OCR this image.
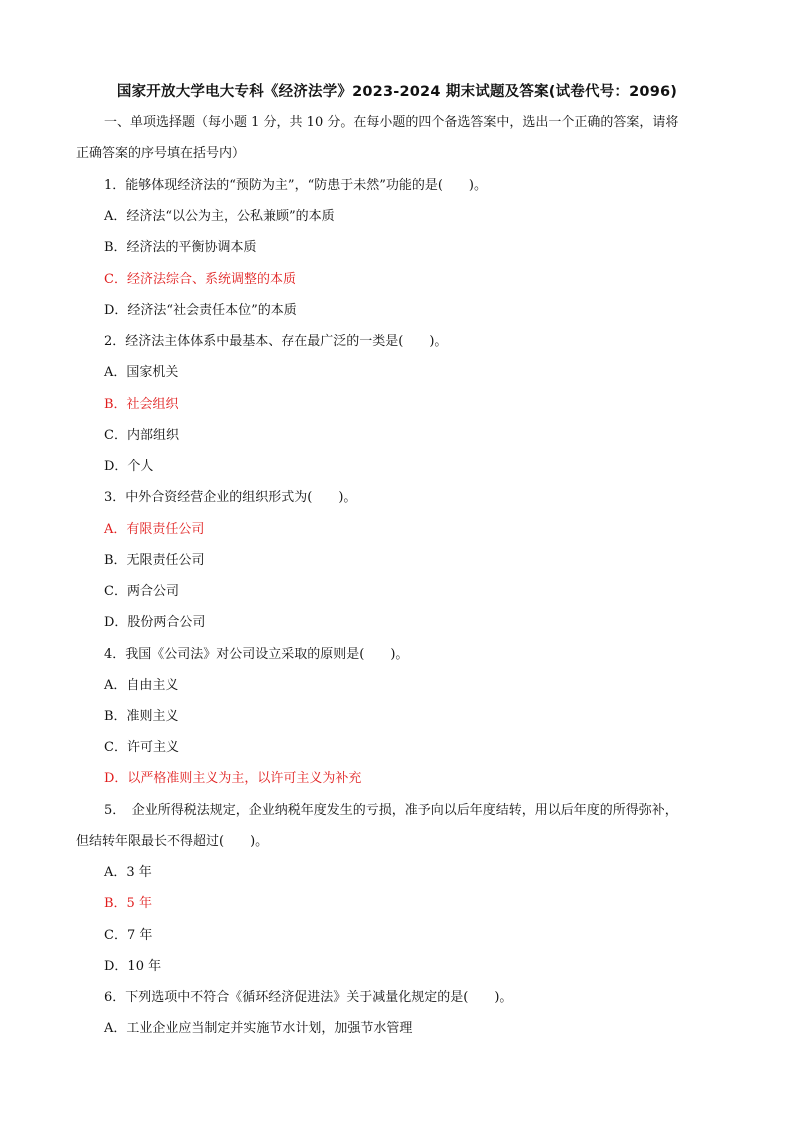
国家开放大学电大专科《经济法学》2023-2024 期末试题及答案(试卷代号：2096)
一、单项选择题（每小题 1 分，共 10 分。在每小题的四个备选答案中，选出一个正确的答案，请将
正确答案的序号填在括号内）
1．能够体现经济法的“预防为主”，“防患于未然”功能的是(　　)。
A．经济法“以公为主，公私兼顾”的本质
B．经济法的平衡协调本质
C．经济法综合、系统调整的本质
D．经济法“社会责任本位”的本质
2．经济法主体体系中最基本、存在最广泛的一类是(　　)。
A．国家机关
B．社会组织
C．内部组织
D．个人
3．中外合资经营企业的组织形式为(　　)。
A．有限责任公司
B．无限责任公司
C．两合公司
D．股份两合公司
4．我国《公司法》对公司设立采取的原则是(　　)。
A．自由主义
B．准则主义
C．许可主义
D．以严格准则主义为主，以许可主义为补充
5．　企业所得税法规定，企业纳税年度发生的亏损，准予向以后年度结转，用以后年度的所得弥补，
但结转年限最长不得超过(　　)。
A．3 年
B．5 年
C．7 年
D．10 年
6．下列选项中不符合《循环经济促进法》关于减量化规定的是(　　)。
A．工业企业应当制定并实施节水计划，加强节水管理
